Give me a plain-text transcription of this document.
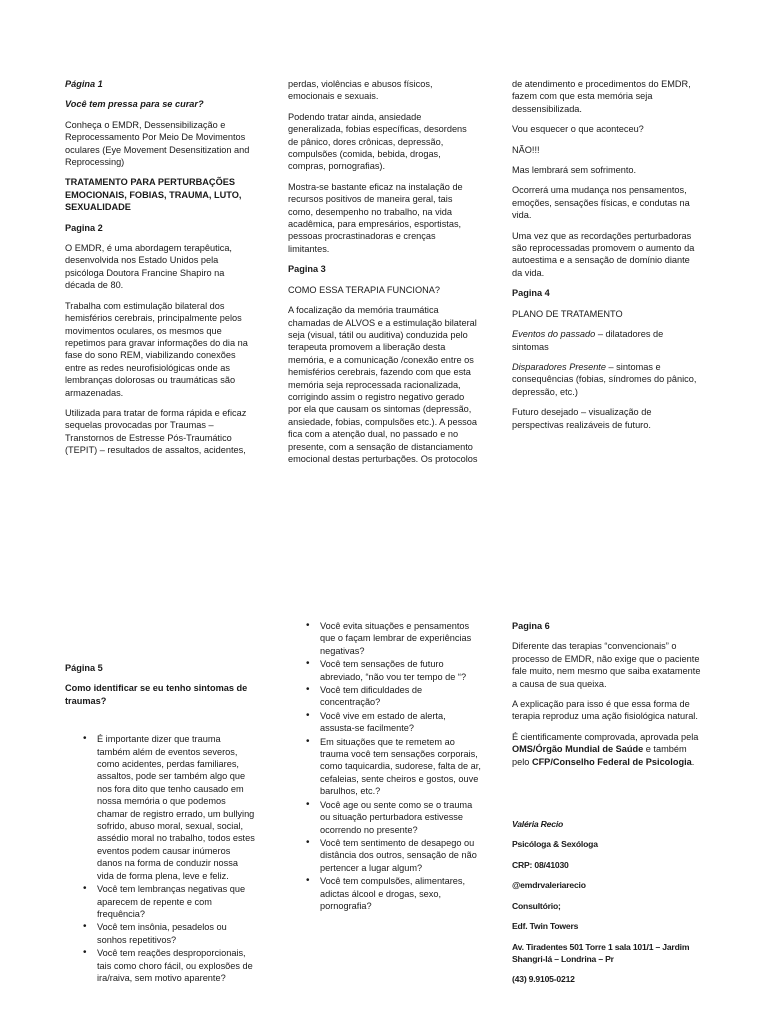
Página 1

Você tem pressa para se curar?

Conheça o EMDR, Dessensibilização e Reprocessamento Por Meio De Movimentos oculares (Eye Movement Desensitization and Reprocessing)

TRATAMENTO PARA PERTURBAÇÕES EMOCIONAIS, FOBIAS, TRAUMA, LUTO, SEXUALIDADE

Pagina 2

O EMDR, é uma abordagem terapêutica, desenvolvida nos Estado Unidos pela psicóloga Doutora Francine Shapiro na década de 80.

Trabalha com estimulação bilateral dos hemisférios cerebrais, principalmente pelos movimentos oculares, os mesmos que repetimos para gravar informações do dia na fase do sono REM, viabilizando conexões entre as redes neurofisiológicas onde as lembranças dolorosas ou traumáticas são armazenadas.

Utilizada para tratar de forma rápida e eficaz sequelas provocadas por Traumas – Transtornos de Estresse Pós-Traumático (TEPIT) – resultados de assaltos, acidentes,

perdas, violências e abusos físicos, emocionais e sexuais.

Podendo tratar ainda, ansiedade generalizada, fobias específicas, desordens de pânico, dores crônicas, depressão, compulsões (comida, bebida, drogas, compras, pornografias).

Mostra-se bastante eficaz na instalação de recursos positivos de maneira geral, tais como, desempenho no trabalho, na vida acadêmica, para empresários, esportistas, pessoas procrastinadoras e crenças limitantes.

Pagina 3

COMO ESSA TERAPIA FUNCIONA?

A focalização da memória traumática chamadas de ALVOS e a estimulação bilateral seja (visual, tátil ou auditiva) conduzida pelo terapeuta promovem a liberação desta memória, e a comunicação /conexão entre os hemisférios cerebrais, fazendo com que esta memória seja reprocessada racionalizada, corrigindo assim o registro negativo gerado por ela que causam os sintomas (depressão, ansiedade, fobias, compulsões etc.). A pessoa fica com a atenção dual, no passado e no presente, com a sensação de distanciamento emocional destas perturbações. Os protocolos

de atendimento e procedimentos do EMDR, fazem com que esta memória seja dessensibilizada.

Vou esquecer o que aconteceu?

NÃO!!!

Mas lembrará sem sofrimento.

Ocorrerá uma mudança nos pensamentos, emoções, sensações físicas, e condutas na vida.

Uma vez que as recordações perturbadoras são reprocessadas promovem o aumento da autoestima e a sensação de domínio diante da vida.

Pagina 4

PLANO DE TRATAMENTO

Eventos do passado – dilatadores de sintomas

Disparadores Presente – sintomas e consequências (fobias, síndromes do pânico, depressão, etc.)

Futuro desejado – visualização de perspectivas realizáveis de futuro.

Página 5

Como identificar se eu tenho sintomas de traumas?

• É importante dizer que trauma também além de eventos severos, como acidentes, perdas familiares, assaltos, pode ser também algo que nos fora dito que tenho causado em nossa memória o que podemos chamar de registro errado, um bullying sofrido, abuso moral, sexual, social, assédio moral no trabalho, todos estes eventos podem causar inúmeros danos na forma de conduzir nossa vida de forma plena, leve e feliz.
• Você tem lembranças negativas que aparecem de repente e com frequência?
• Você tem insônia, pesadelos ou sonhos repetitivos?
• Você tem reações desproporcionais, tais como choro fácil, ou explosões de ira/raiva, sem motivo aparente?
• Você evita situações e pensamentos que o façam lembrar de experiências negativas?
• Você tem sensações de futuro abreviado, “não vou ter tempo de “?
• Você tem dificuldades de concentração?
• Você vive em estado de alerta, assusta-se facilmente?
• Em situações que te remetem ao trauma você tem sensações corporais, como taquicardia, sudorese, falta de ar, cefaleias, sente cheiros e gostos, ouve barulhos, etc.?
• Você age ou sente como se o trauma ou situação perturbadora estivesse ocorrendo no presente?
• Você tem sentimento de desapego ou distância dos outros, sensação de não pertencer a lugar algum?
• Você tem compulsões, alimentares, adictas álcool e drogas, sexo, pornografia?

Pagina 6

Diferente das terapias “convencionais” o processo de EMDR, não exige que o paciente fale muito, nem mesmo que saiba exatamente a causa de sua queixa.

A explicação para isso é que essa forma de terapia reproduz uma ação fisiológica natural.

É cientificamente comprovada, aprovada pela OMS/Órgão Mundial de Saúde e também pelo CFP/Conselho Federal de Psicologia.

Valéria Recio

Psicóloga & Sexóloga

CRP: 08/41030

@emdrvaleriarecio

Consultório;

Edf. Twin Towers

Av. Tiradentes 501 Torre 1 sala 101/1 – Jardim Shangri-lá – Londrina – Pr

(43) 9.9105-0212
